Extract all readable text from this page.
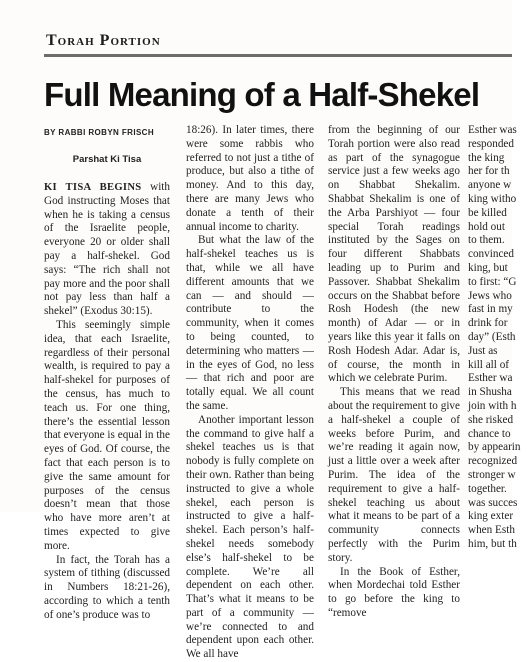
Torah Portion
Full Meaning of a Half-Shekel
BY RABBI ROBYN FRISCH
Parshat Ki Tisa

KI TISA BEGINS with God instructing Moses that when he is taking a census of the Israelite people, everyone 20 or older shall pay a half-shekel. God says: “The rich shall not pay more and the poor shall not pay less than half a shekel” (Exodus 30:15).

This seemingly simple idea, that each Israelite, regardless of their personal wealth, is required to pay a half-shekel for purposes of the census, has much to teach us. For one thing, there’s the essential lesson that everyone is equal in the eyes of God. Of course, the fact that each person is to give the same amount for purposes of the census doesn’t mean that those who have more aren’t at times expected to give more.

In fact, the Torah has a system of tithing (discussed in Numbers 18:21-26), according to which a tenth of one’s produce was to

18:26). In later times, there were some rabbis who referred to not just a tithe of produce, but also a tithe of money. And to this day, there are many Jews who donate a tenth of their annual income to charity.

But what the law of the half-shekel teaches us is that, while we all have different amounts that we can — and should — contribute to the community, when it comes to being counted, to determining who matters — in the eyes of God, no less — that rich and poor are totally equal. We all count the same.

Another important lesson the command to give half a shekel teaches us is that nobody is fully complete on their own. Rather than being instructed to give a whole shekel, each person is instructed to give a half-shekel. Each person’s half-shekel needs somebody else’s half-shekel to be complete. We’re all dependent on each other. That’s what it means to be part of a community — we’re connected to and dependent upon each other. We all have

from the beginning of our Torah portion were also read as part of the synagogue service just a few weeks ago on Shabbat Shekalim. Shabbat Shekalim is one of the Arba Parshiyot — four special Torah readings instituted by the Sages on four different Shabbats leading up to Purim and Passover. Shabbat Shekalim occurs on the Shabbat before Rosh Hodesh (the new month) of Adar — or in years like this year it falls on Rosh Hodesh Adar. Adar is, of course, the month in which we celebrate Purim.

This means that we read about the requirement to give a half-shekel a couple of weeks before Purim, and we’re reading it again now, just a little over a week after Purim. The idea of the requirement to give a half-shekel teaching us about what it means to be part of a community connects perfectly with the Purim story.

In the Book of Esther, when Mordechai told Esther to go before the king to “remove

Esther was

responded

the king

her for th

anyone w

king witho

be killed

hold out

to them.

convinced

king, but

to first: “G

Jews who

fast in my

drink for

day” (Esth

Just as

kill all of

Esther wa

in Shusha

join with h

she risked

chance to

by appearin

recognized

stronger w

together.

was succes

king exter

when Esth

him, but th
